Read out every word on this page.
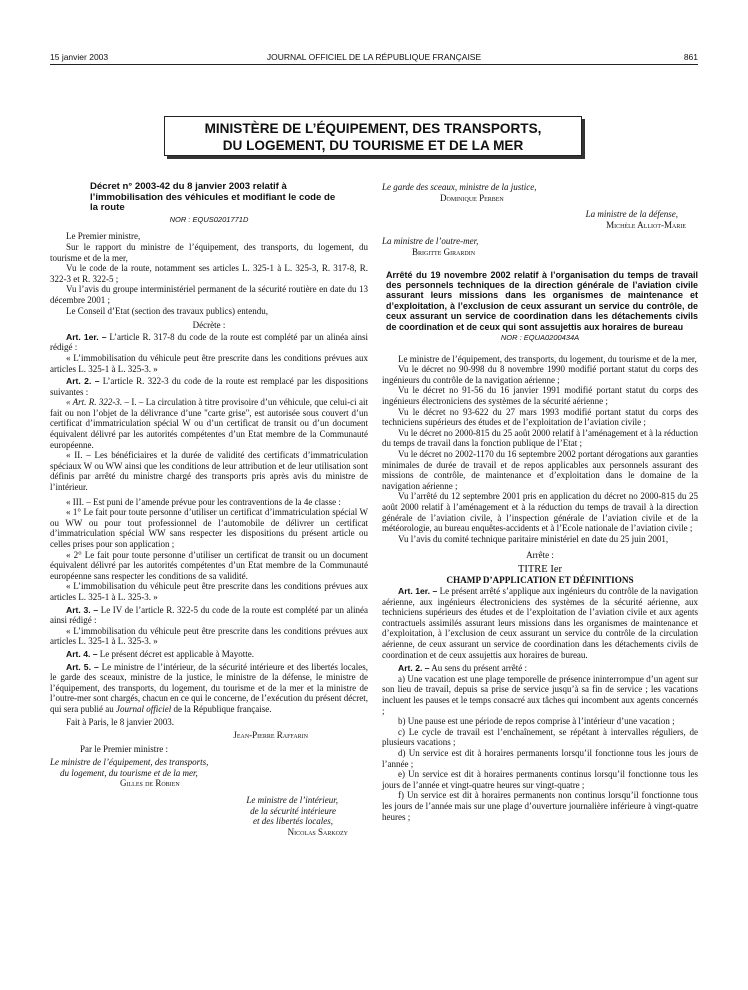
15 janvier 2003	JOURNAL OFFICIEL DE LA RÉPUBLIQUE FRANÇAISE	861
MINISTÈRE DE L’ÉQUIPEMENT, DES TRANSPORTS,
DU LOGEMENT, DU TOURISME ET DE LA MER
Décret n° 2003-42 du 8 janvier 2003 relatif à l’immobilisation des véhicules et modifiant le code de la route
NOR : EQUS0201771D

Le Premier ministre,

Sur le rapport du ministre de l’équipement, des transports, du logement, du tourisme et de la mer,

Vu le code de la route, notamment ses articles L. 325-1 à L. 325-3, R. 317-8, R. 322-3 et R. 322-5 ;

Vu l’avis du groupe interministériel permanent de la sécurité routière en date du 13 décembre 2001 ;

Le Conseil d’Etat (section des travaux publics) entendu,

Décrète :

Art. 1er. – L’article R. 317-8 du code de la route est complété par un alinéa ainsi rédigé :

« L’immobilisation du véhicule peut être prescrite dans les conditions prévues aux articles L. 325-1 à L. 325-3. »

Art. 2. – L’article R. 322-3 du code de la route est remplacé par les dispositions suivantes :

« Art. R. 322-3. – I. – La circulation à titre provisoire d’un véhicule, que celui-ci ait fait ou non l’objet de la délivrance d’une "carte grise", est autorisée sous couvert d’un certificat d’immatriculation spécial W ou d’un certificat de transit ou d’un document équivalent délivré par les autorités compétentes d’un Etat membre de la Communauté européenne.

« II. – Les bénéficiaires et la durée de validité des certificats d’immatriculation spéciaux W ou WW ainsi que les conditions de leur attribution et de leur utilisation sont définis par arrêté du ministre chargé des transports pris après avis du ministre de l’intérieur.

« III. – Est puni de l’amende prévue pour les contraventions de la 4e classe :

« 1° Le fait pour toute personne d’utiliser un certificat d’immatriculation spécial W ou WW ou pour tout professionnel de l’automobile de délivrer un certificat d’immatriculation spécial WW sans respecter les dispositions du présent article ou celles prises pour son application ;

« 2° Le fait pour toute personne d’utiliser un certificat de transit ou un document équivalent délivré par les autorités compétentes d’un Etat membre de la Communauté européenne sans respecter les conditions de sa validité.

« L’immobilisation du véhicule peut être prescrite dans les conditions prévues aux articles L. 325-1 à L. 325-3. »

Art. 3. – Le IV de l’article R. 322-5 du code de la route est complété par un alinéa ainsi rédigé :

« L’immobilisation du véhicule peut être prescrite dans les conditions prévues aux articles L. 325-1 à L. 325-3. »

Art. 4. – Le présent décret est applicable à Mayotte.

Art. 5. – Le ministre de l’intérieur, de la sécurité intérieure et des libertés locales, le garde des sceaux, ministre de la justice, le ministre de la défense, le ministre de l’équipement, des transports, du logement, du tourisme et de la mer et la ministre de l’outre-mer sont chargés, chacun en ce qui le concerne, de l’exécution du présent décret, qui sera publié au Journal officiel de la République française.

Fait à Paris, le 8 janvier 2003.

Jean-Pierre Raffarin

Par le Premier ministre :

Le ministre de l’équipement, des transports,

du logement, du tourisme et de la mer,

Gilles de Robien

Le ministre de l’intérieur,

de la sécurité intérieure

et des libertés locales,

Nicolas Sarkozy

Le garde des sceaux, ministre de la justice,

Dominique Perben

La ministre de la défense,

Michèle Alliot-Marie

La ministre de l’outre-mer,

Brigitte Girardin

Arrêté du 19 novembre 2002 relatif à l’organisation du temps de travail des personnels techniques de la direction générale de l’aviation civile assurant leurs missions dans les organismes de maintenance et d’exploitation, à l’exclusion de ceux assurant un service du contrôle, de ceux assurant un service de coordination dans les détachements civils de coordination et de ceux qui sont assujettis aux horaires de bureau
NOR : EQUA0200434A

Le ministre de l’équipement, des transports, du logement, du tourisme et de la mer,

Vu le décret no 90-998 du 8 novembre 1990 modifié portant statut du corps des ingénieurs du contrôle de la navigation aérienne ;

Vu le décret no 91-56 du 16 janvier 1991 modifié portant statut du corps des ingénieurs électroniciens des systèmes de la sécurité aérienne ;

Vu le décret no 93-622 du 27 mars 1993 modifié portant statut du corps des techniciens supérieurs des études et de l’exploitation de l’aviation civile ;

Vu le décret no 2000-815 du 25 août 2000 relatif à l’aménagement et à la réduction du temps de travail dans la fonction publique de l’Etat ;

Vu le décret no 2002-1170 du 16 septembre 2002 portant dérogations aux garanties minimales de durée de travail et de repos applicables aux personnels assurant des missions de contrôle, de maintenance et d’exploitation dans le domaine de la navigation aérienne ;

Vu l’arrêté du 12 septembre 2001 pris en application du décret no 2000-815 du 25 août 2000 relatif à l’aménagement et à la réduction du temps de travail à la direction générale de l’aviation civile, à l’inspection générale de l’aviation civile et de la météorologie, au bureau enquêtes-accidents et à l’Ecole nationale de l’aviation civile ;

Vu l’avis du comité technique paritaire ministériel en date du 25 juin 2001,

Arrête :

TITRE Ier

CHAMP D’APPLICATION ET DÉFINITIONS

Art. 1er. – Le présent arrêté s’applique aux ingénieurs du contrôle de la navigation aérienne, aux ingénieurs électroniciens des systèmes de la sécurité aérienne, aux techniciens supérieurs des études et de l’exploitation de l’aviation civile et aux agents contractuels assimilés assurant leurs missions dans les organismes de maintenance et d’exploitation, à l’exclusion de ceux assurant un service du contrôle de la circulation aérienne, de ceux assurant un service de coordination dans les détachements civils de coordination et de ceux assujettis aux horaires de bureau.

Art. 2. – Au sens du présent arrêté :

a) Une vacation est une plage temporelle de présence ininterrompue d’un agent sur son lieu de travail, depuis sa prise de service jusqu’à sa fin de service ; les vacations incluent les pauses et le temps consacré aux tâches qui incombent aux agents concernés ;

b) Une pause est une période de repos comprise à l’intérieur d’une vacation ;

c) Le cycle de travail est l’enchaînement, se répétant à intervalles réguliers, de plusieurs vacations ;

d) Un service est dit à horaires permanents lorsqu’il fonctionne tous les jours de l’année ;

e) Un service est dit à horaires permanents continus lorsqu’il fonctionne tous les jours de l’année et vingt-quatre heures sur vingt-quatre ;

f) Un service est dit à horaires permanents non continus lorsqu’il fonctionne tous les jours de l’année mais sur une plage d’ouverture journalière inférieure à vingt-quatre heures ;
